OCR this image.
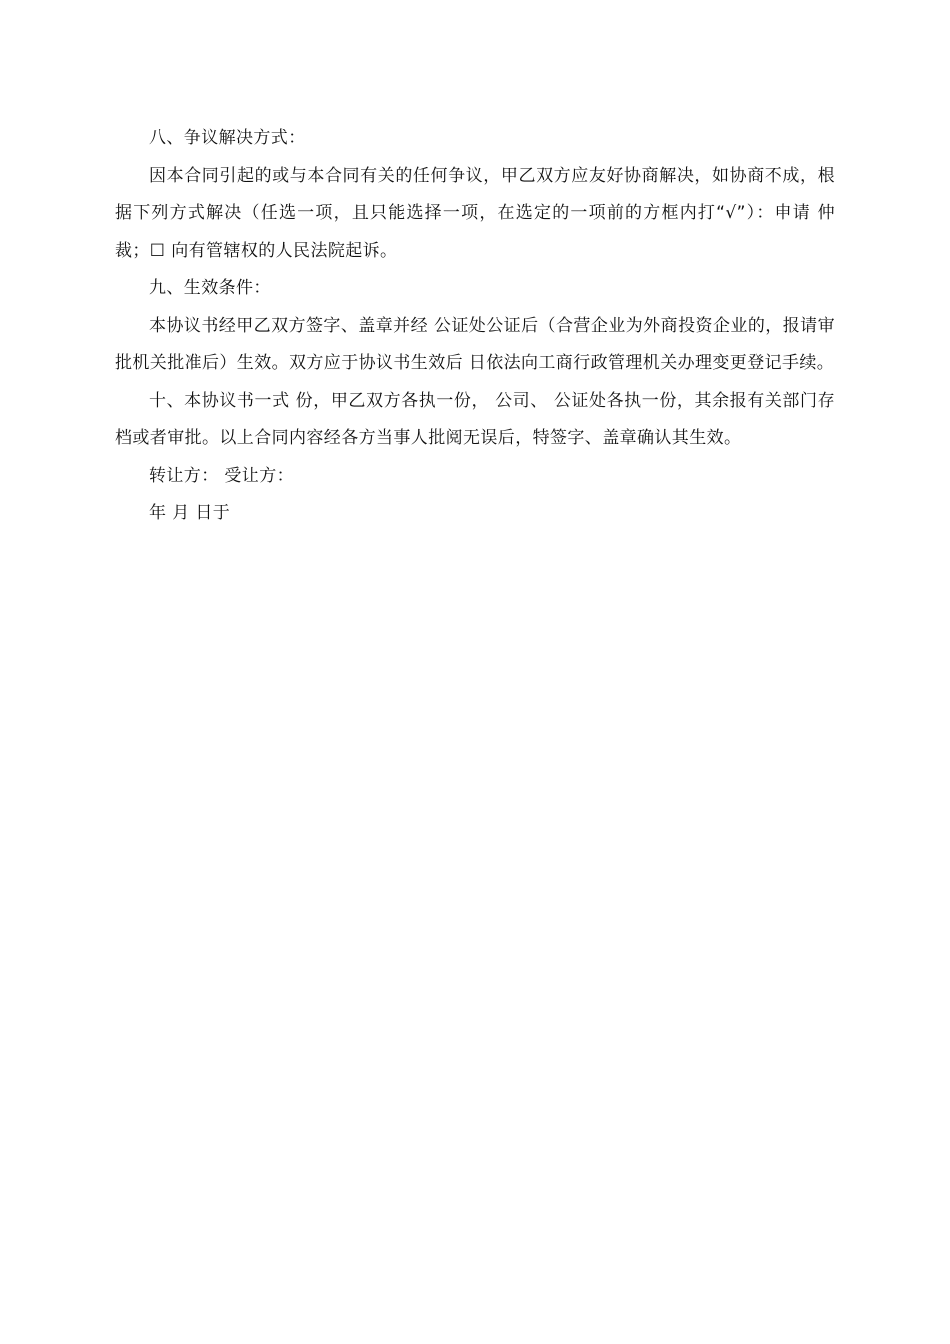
八、争议解决方式：

因本合同引起的或与本合同有关的任何争议，甲乙双方应友好协商解决，如协商不成，根据下列方式解决（任选一项，且只能选择一项，在选定的一项前的方框内打“√”）：申请 仲裁；☐ 向有管辖权的人民法院起诉。

九、生效条件：

本协议书经甲乙双方签字、盖章并经 公证处公证后（合营企业为外商投资企业的，报请审批机关批准后）生效。双方应于协议书生效后 日依法向工商行政管理机关办理变更登记手续。

十、本协议书一式 份，甲乙双方各执一份， 公司、 公证处各执一份，其余报有关部门存档或者审批。以上合同内容经各方当事人批阅无误后，特签字、盖章确认其生效。

转让方： 受让方：

年 月 日于
